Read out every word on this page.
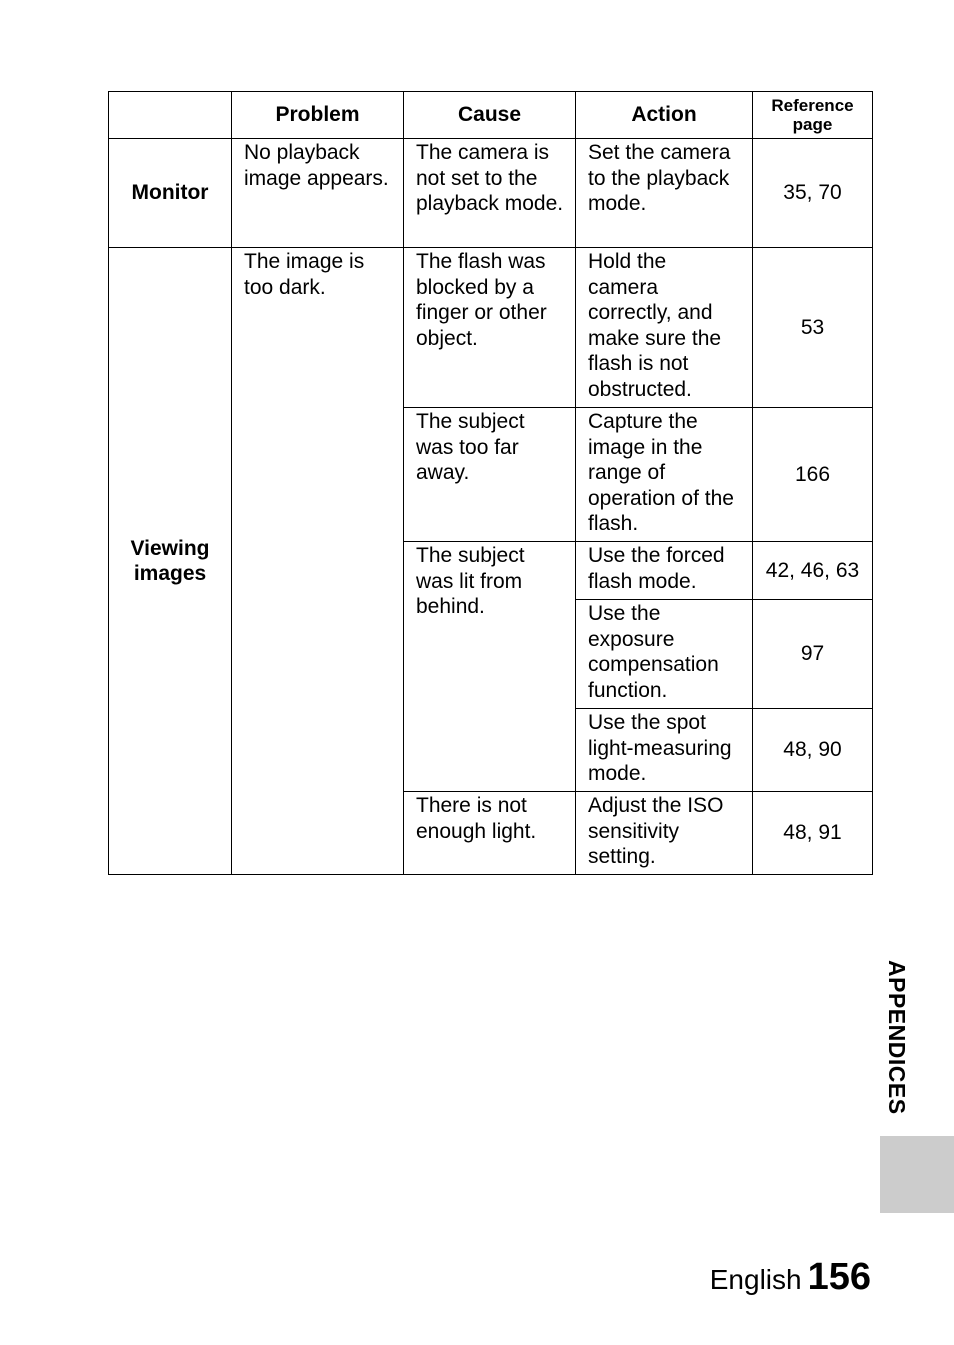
	Problem	Cause	Action	Reference page
Monitor	No playback image appears.	The camera is not set to the playback mode.	Set the camera to the playback mode.	35, 70
Viewing images	The image is too dark.	The flash was blocked by a finger or other object.	Hold the camera correctly, and make sure the flash is not obstructed.	53
		The subject was too far away.	Capture the image in the range of operation of the flash.	166
		The subject was lit from behind.	Use the forced flash mode.	42, 46, 63
			Use the exposure compensation function.	97
			Use the spot light-measuring mode.	48, 90
		There is not enough light.	Adjust the ISO sensitivity setting.	48, 91
APPENDICES
English 156
